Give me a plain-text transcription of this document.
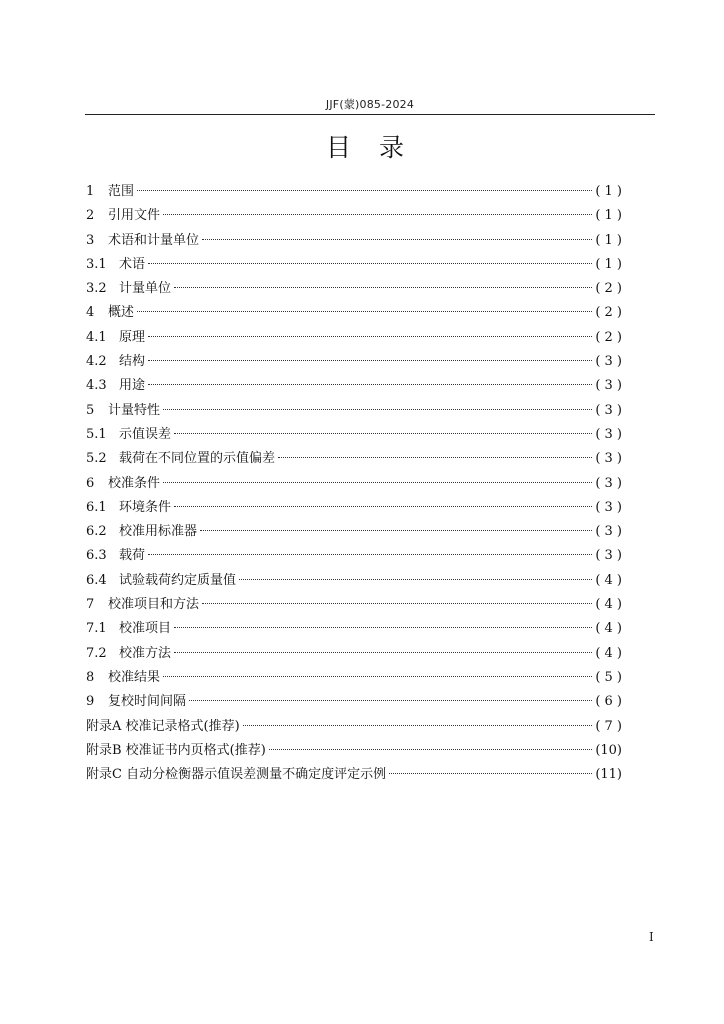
JJF(蒙)085-2024
目 录
1	范围	( 1 )
2	引用文件	( 1 )
3	术语和计量单位	( 1 )
3.1 术语	( 1 )
3.2 计量单位	( 2 )
4	概述	( 2 )
4.1 原理	( 2 )
4.2 结构	( 3 )
4.3 用途	( 3 )
5	计量特性	( 3 )
5.1 示值误差	( 3 )
5.2 载荷在不同位置的示值偏差	( 3 )
6	校准条件	( 3 )
6.1 环境条件	( 3 )
6.2 校准用标准器	( 3 )
6.3 载荷	( 3 )
6.4 试验载荷约定质量值	( 4 )
7	校准项目和方法	( 4 )
7.1 校准项目	( 4 )
7.2 校准方法	( 4 )
8	校准结果	( 5 )
9	复校时间间隔	( 6 )
附录A 校准记录格式(推荐)	( 7 )
附录B 校准证书内页格式(推荐)	(10)
附录C 自动分检衡器示值误差测量不确定度评定示例	(11)
I
